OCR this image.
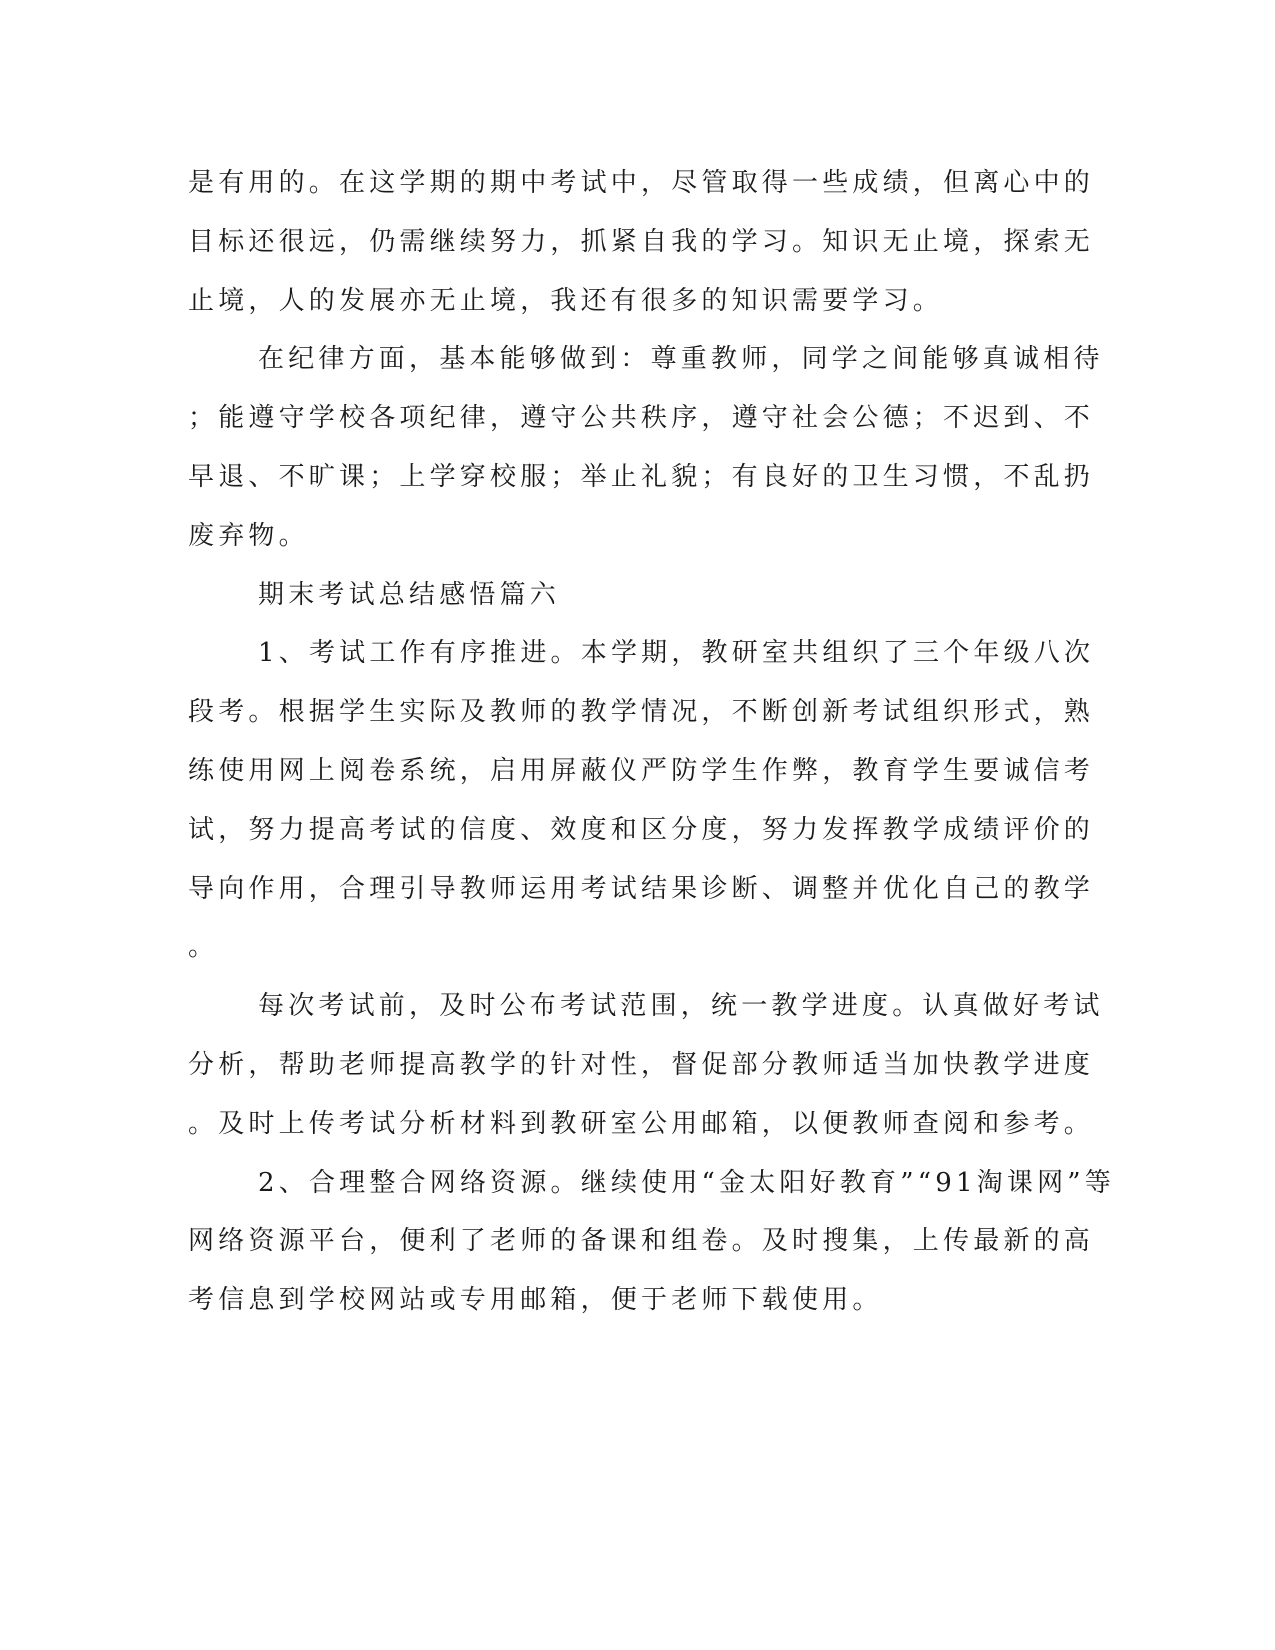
是有用的。在这学期的期中考试中，尽管取得一些成绩，但离心中的
目标还很远，仍需继续努力，抓紧自我的学习。知识无止境，探索无
止境，人的发展亦无止境，我还有很多的知识需要学习。
在纪律方面，基本能够做到：尊重教师，同学之间能够真诚相待
；能遵守学校各项纪律，遵守公共秩序，遵守社会公德；不迟到、不
早退、不旷课；上学穿校服；举止礼貌；有良好的卫生习惯，不乱扔
废弃物。
期末考试总结感悟篇六
1、考试工作有序推进。本学期，教研室共组织了三个年级八次
段考。根据学生实际及教师的教学情况，不断创新考试组织形式，熟
练使用网上阅卷系统，启用屏蔽仪严防学生作弊，教育学生要诚信考
试，努力提高考试的信度、效度和区分度，努力发挥教学成绩评价的
导向作用，合理引导教师运用考试结果诊断、调整并优化自己的教学
。
每次考试前，及时公布考试范围，统一教学进度。认真做好考试
分析，帮助老师提高教学的针对性，督促部分教师适当加快教学进度
。及时上传考试分析材料到教研室公用邮箱，以便教师查阅和参考。
2、合理整合网络资源。继续使用“金太阳好教育”“91淘课网”等
网络资源平台，便利了老师的备课和组卷。及时搜集，上传最新的高
考信息到学校网站或专用邮箱，便于老师下载使用。
